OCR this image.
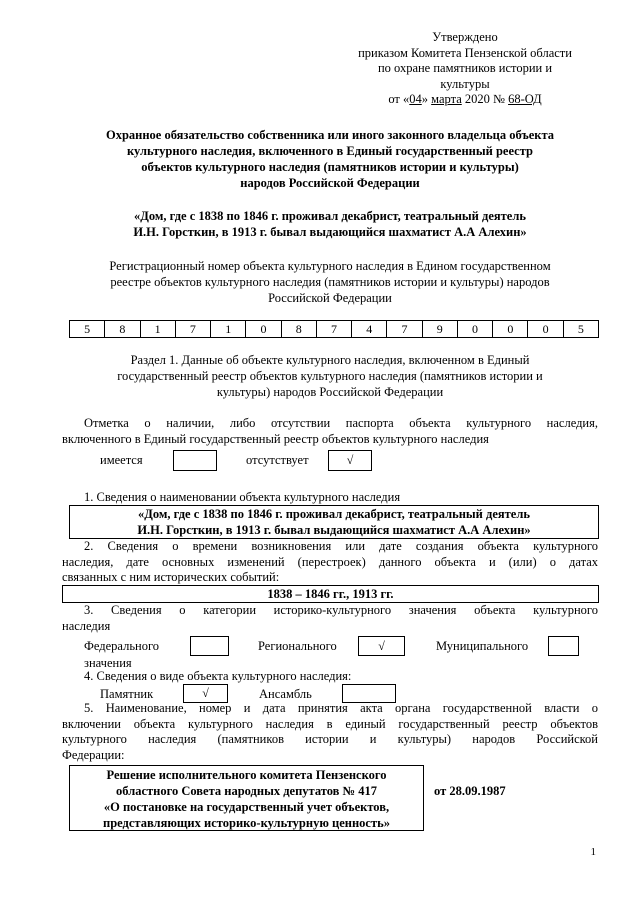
Утверждено
приказом Комитета Пензенской области
по охране памятников истории и
культуры
от «04» марта 2020 № 68-ОД
Охранное обязательство собственника или иного законного владельца объекта
культурного наследия, включенного в Единый государственный реестр
объектов культурного наследия (памятников истории и культуры)
народов Российской Федерации
«Дом, где с 1838 по 1846 г. проживал декабрист, театральный деятель
И.Н. Горсткин, в 1913 г. бывал выдающийся шахматист А.А Алехин»
Регистрационный номер объекта культурного наследия в Едином государственном
реестре объектов культурного наследия (памятников истории и культуры) народов
Российской Федерации
5	8	1	7	1	0	8	7	4	7	9	0	0	0	5
Раздел 1. Данные об объекте культурного наследия, включенном в Единый
государственный реестр объектов культурного наследия (памятников истории и
культуры) народов Российской Федерации
Отметка о наличии, либо отсутствии паспорта объекта культурного наследия,
включенного в Единый государственный реестр объектов культурного наследия
имеется	отсутствует	√
1. Сведения о наименовании объекта культурного наследия
«Дом, где с 1838 по 1846 г. проживал декабрист, театральный деятель
И.Н. Горсткин, в 1913 г. бывал выдающийся шахматист А.А Алехин»
2. Сведения о времени возникновения или дате создания объекта культурного
наследия, дате основных изменений (перестроек) данного объекта и (или) о датах
связанных с ним исторических событий:
1838 – 1846 гг., 1913 гг.
3. Сведения о категории историко-культурного значения объекта культурного
наследия
Федерального	Регионального	√	Муниципального
значения
4. Сведения о виде объекта культурного наследия:
Памятник	√	Ансамбль
5. Наименование, номер и дата принятия акта органа государственной власти о
включении объекта культурного наследия в единый государственный реестр объектов
культурного наследия (памятников истории и культуры) народов Российской
Федерации:
Решение исполнительного комитета Пензенского
областного Совета народных депутатов № 417
«О постановке на государственный учет объектов,
представляющих историко-культурную ценность»
от 28.09.1987
1
